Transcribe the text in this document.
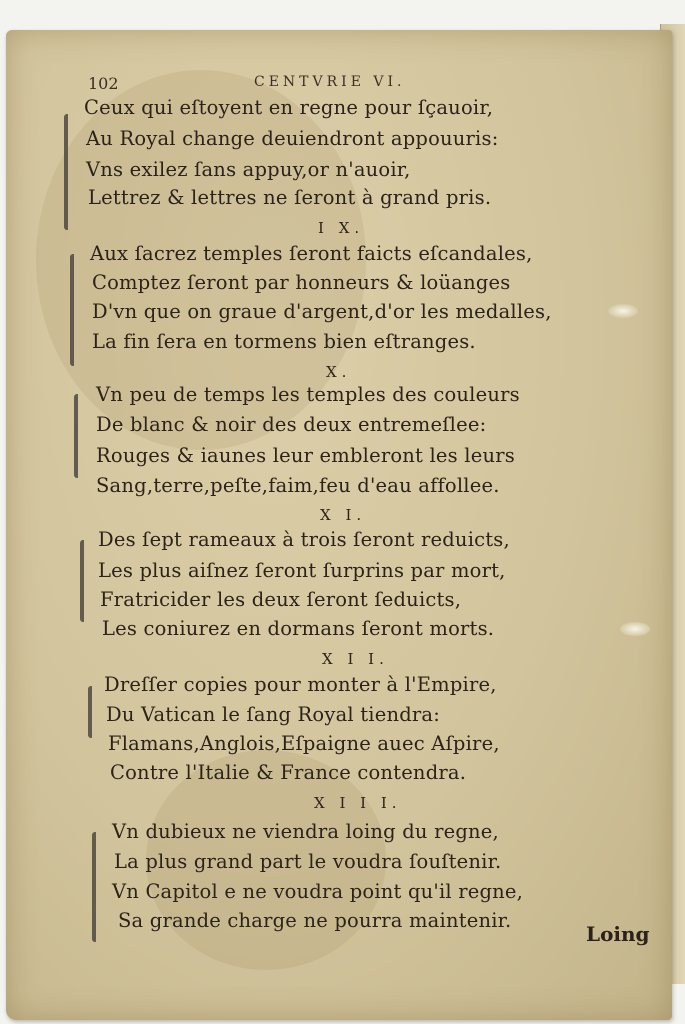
102	CENTVRIE VI.
Ceux qui eſtoyent en regne pour ſçauoir,
Au Royal change deuiendront appouuris:
Vns exilez ſans appuy,or n'auoir,
Lettrez & lettres ne ſeront à grand pris.
I X.
Aux ſacrez temples ſeront faicts eſcandales,
Comptez ſeront par honneurs & loüanges
D'vn que on graue d'argent,d'or les medalles,
La fin ſera en tormens bien eſtranges.
X.
Vn peu de temps les temples des couleurs
De blanc & noir des deux entremeſlee:
Rouges & iaunes leur embleront les leurs
Sang,terre,peſte,faim,feu d'eau affollee.
X I.
Des ſept rameaux à trois ſeront reduicts,
Les plus aiſnez ſeront ſurprins par mort,
Fratricider les deux ſeront ſeduicts,
Les coniurez en dormans ſeront morts.
X I I.
Dreſſer copies pour monter à l'Empire,
Du Vatican le ſang Royal tiendra:
Flamans,Anglois,Eſpaigne auec Aſpire,
Contre l'Italie & France contendra.
X I I I.
Vn dubieux ne viendra loing du regne,
La plus grand part le voudra ſouſtenir.
Vn Capitol e ne voudra point qu'il regne,
Sa grande charge ne pourra maintenir.
Loing
